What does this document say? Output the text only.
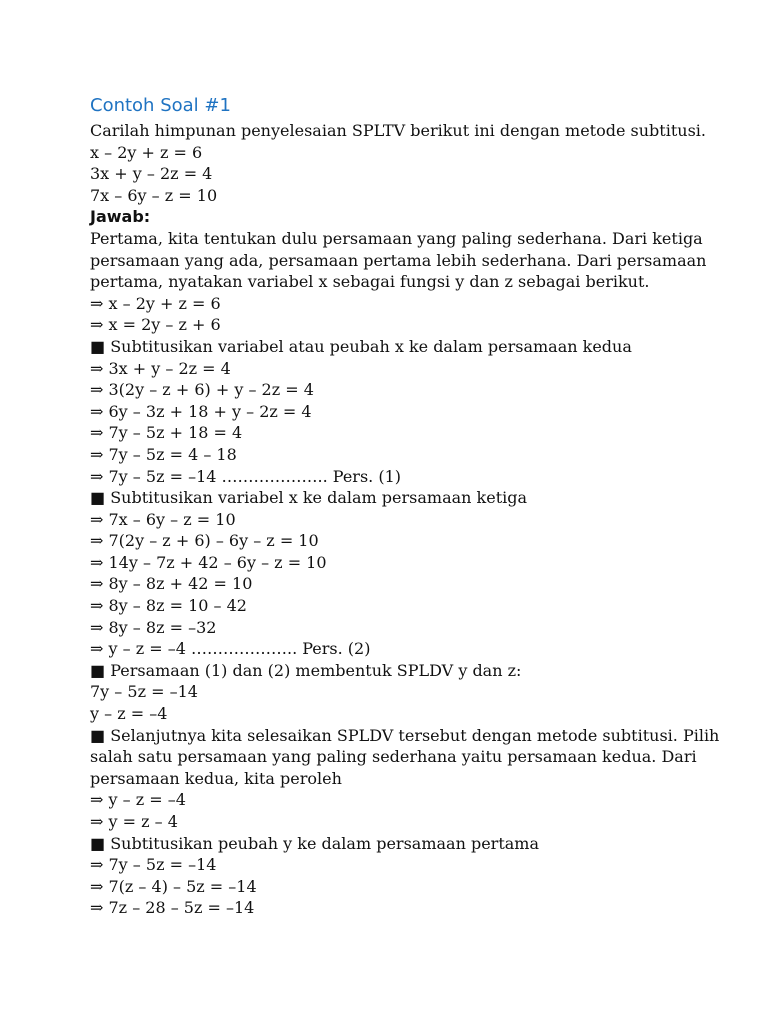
Contoh Soal #1

Carilah himpunan penyelesaian SPLTV berikut ini dengan metode subtitusi.

x – 2y + z = 6

3x + y – 2z = 4

7x – 6y – z = 10

Jawab:

Pertama, kita tentukan dulu persamaan yang paling sederhana. Dari ketiga persamaan yang ada, persamaan pertama lebih sederhana. Dari persamaan pertama, nyatakan variabel x sebagai fungsi y dan z sebagai berikut.

⇒ x – 2y + z = 6

⇒ x = 2y – z + 6

■ Subtitusikan variabel atau peubah x ke dalam persamaan kedua

⇒ 3x + y – 2z = 4

⇒ 3(2y – z + 6) + y – 2z = 4

⇒ 6y – 3z + 18 + y – 2z = 4

⇒ 7y – 5z + 18 = 4

⇒ 7y – 5z = 4 – 18

⇒ 7y – 5z = –14 ……………….. Pers. (1)

■ Subtitusikan variabel x ke dalam persamaan ketiga

⇒ 7x – 6y – z = 10

⇒ 7(2y – z + 6) – 6y – z = 10

⇒ 14y – 7z + 42 – 6y – z = 10

⇒ 8y – 8z + 42 = 10

⇒ 8y – 8z = 10 – 42

⇒ 8y – 8z = –32

⇒ y – z = –4 ……………….. Pers. (2)

■ Persamaan (1) dan (2) membentuk SPLDV y dan z:

7y – 5z = –14

y – z = –4

■ Selanjutnya kita selesaikan SPLDV tersebut dengan metode subtitusi. Pilih salah satu persamaan yang paling sederhana yaitu persamaan kedua. Dari persamaan kedua, kita peroleh

⇒ y – z = –4

⇒ y = z – 4

■ Subtitusikan peubah y ke dalam persamaan pertama

⇒ 7y – 5z = –14

⇒ 7(z – 4) – 5z = –14

⇒ 7z – 28 – 5z = –14
